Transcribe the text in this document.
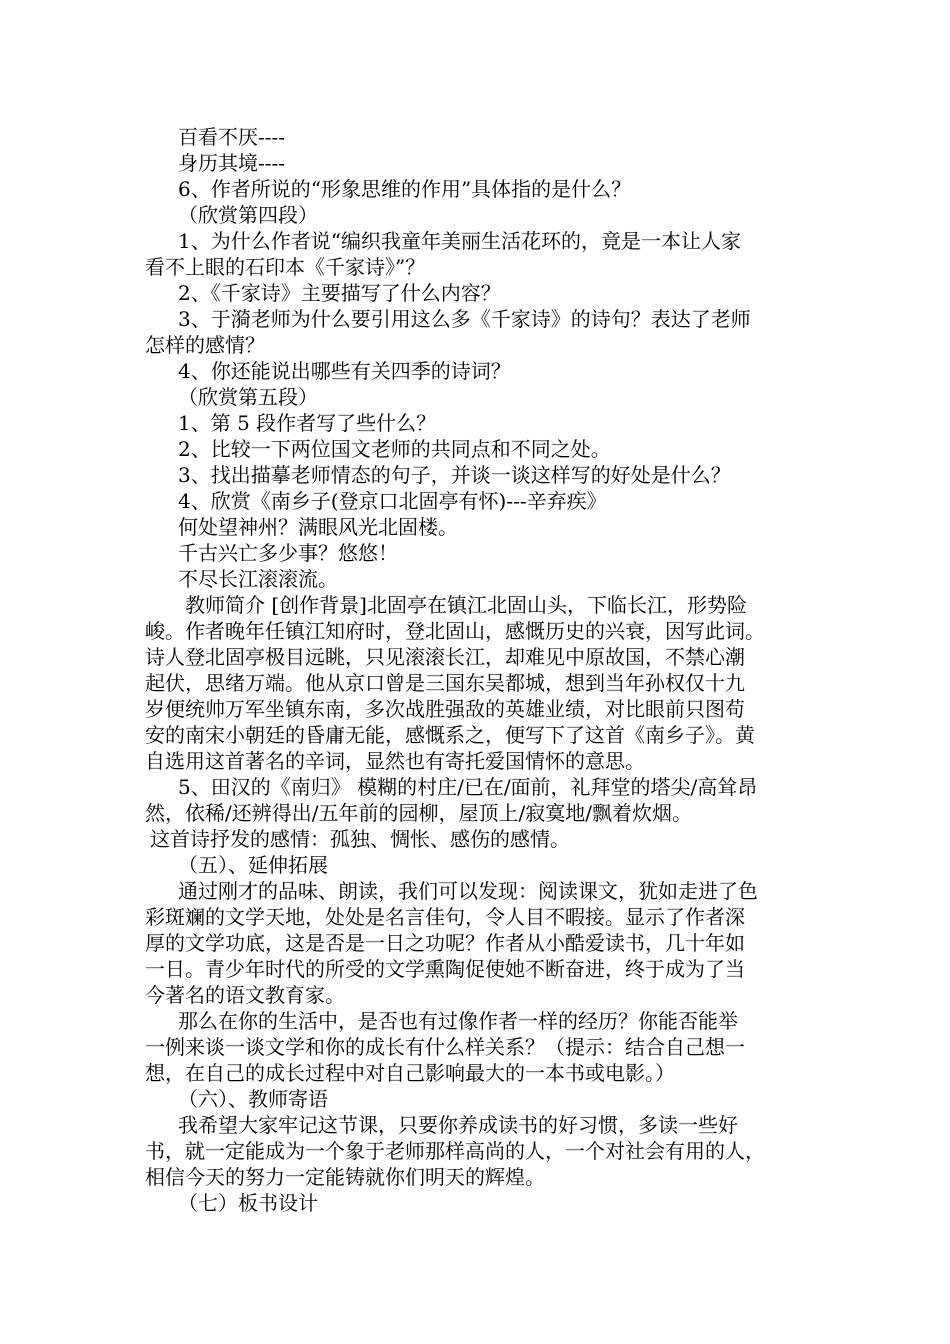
百看不厌----
身历其境----
6、作者所说的“形象思维的作用”具体指的是什么？
（欣赏第四段）
1、为什么作者说“编织我童年美丽生活花环的，竟是一本让人家
看不上眼的石印本《千家诗》”？
2、《千家诗》主要描写了什么内容？
3、于漪老师为什么要引用这么多《千家诗》的诗句？表达了老师
怎样的感情？
4、你还能说出哪些有关四季的诗词？
（欣赏第五段）
1、第 5 段作者写了些什么？
2、比较一下两位国文老师的共同点和不同之处。
3、找出描摹老师情态的句子，并谈一谈这样写的好处是什么？
4、欣赏《南乡子(登京口北固亭有怀)---辛弃疾》
何处望神州？满眼风光北固楼。
千古兴亡多少事？悠悠！
不尽长江滚滚流。
教师简介 [创作背景]北固亭在镇江北固山头，下临长江，形势险
峻。作者晚年任镇江知府时，登北固山，感慨历史的兴衰，因写此词。
诗人登北固亭极目远眺，只见滚滚长江，却难见中原故国，不禁心潮
起伏，思绪万端。他从京口曾是三国东吴都城，想到当年孙权仅十九
岁便统帅万军坐镇东南，多次战胜强敌的英雄业绩，对比眼前只图苟
安的南宋小朝廷的昏庸无能，感慨系之，便写下了这首《南乡子》。黄
自选用这首著名的辛词，显然也有寄托爱国情怀的意思。
5、田汉的《南归》 模糊的村庄/已在/面前，礼拜堂的塔尖/高耸昂
然，依稀/还辨得出/五年前的园柳，屋顶上/寂寞地/飘着炊烟。
这首诗抒发的感情：孤独、惆怅、感伤的感情。
（五）、延伸拓展
通过刚才的品味、朗读，我们可以发现：阅读课文，犹如走进了色
彩斑斓的文学天地，处处是名言佳句，令人目不暇接。显示了作者深
厚的文学功底，这是否是一日之功呢？作者从小酷爱读书，几十年如
一日。青少年时代的所受的文学熏陶促使她不断奋进，终于成为了当
今著名的语文教育家。
那么在你的生活中，是否也有过像作者一样的经历？你能否能举
一例来谈一谈文学和你的成长有什么样关系？（提示：结合自己想一
想，在自己的成长过程中对自己影响最大的一本书或电影。）
（六）、教师寄语
我希望大家牢记这节课，只要你养成读书的好习惯，多读一些好
书，就一定能成为一个象于老师那样高尚的人，一个对社会有用的人，
相信今天的努力一定能铸就你们明天的辉煌。
（七）板书设计
